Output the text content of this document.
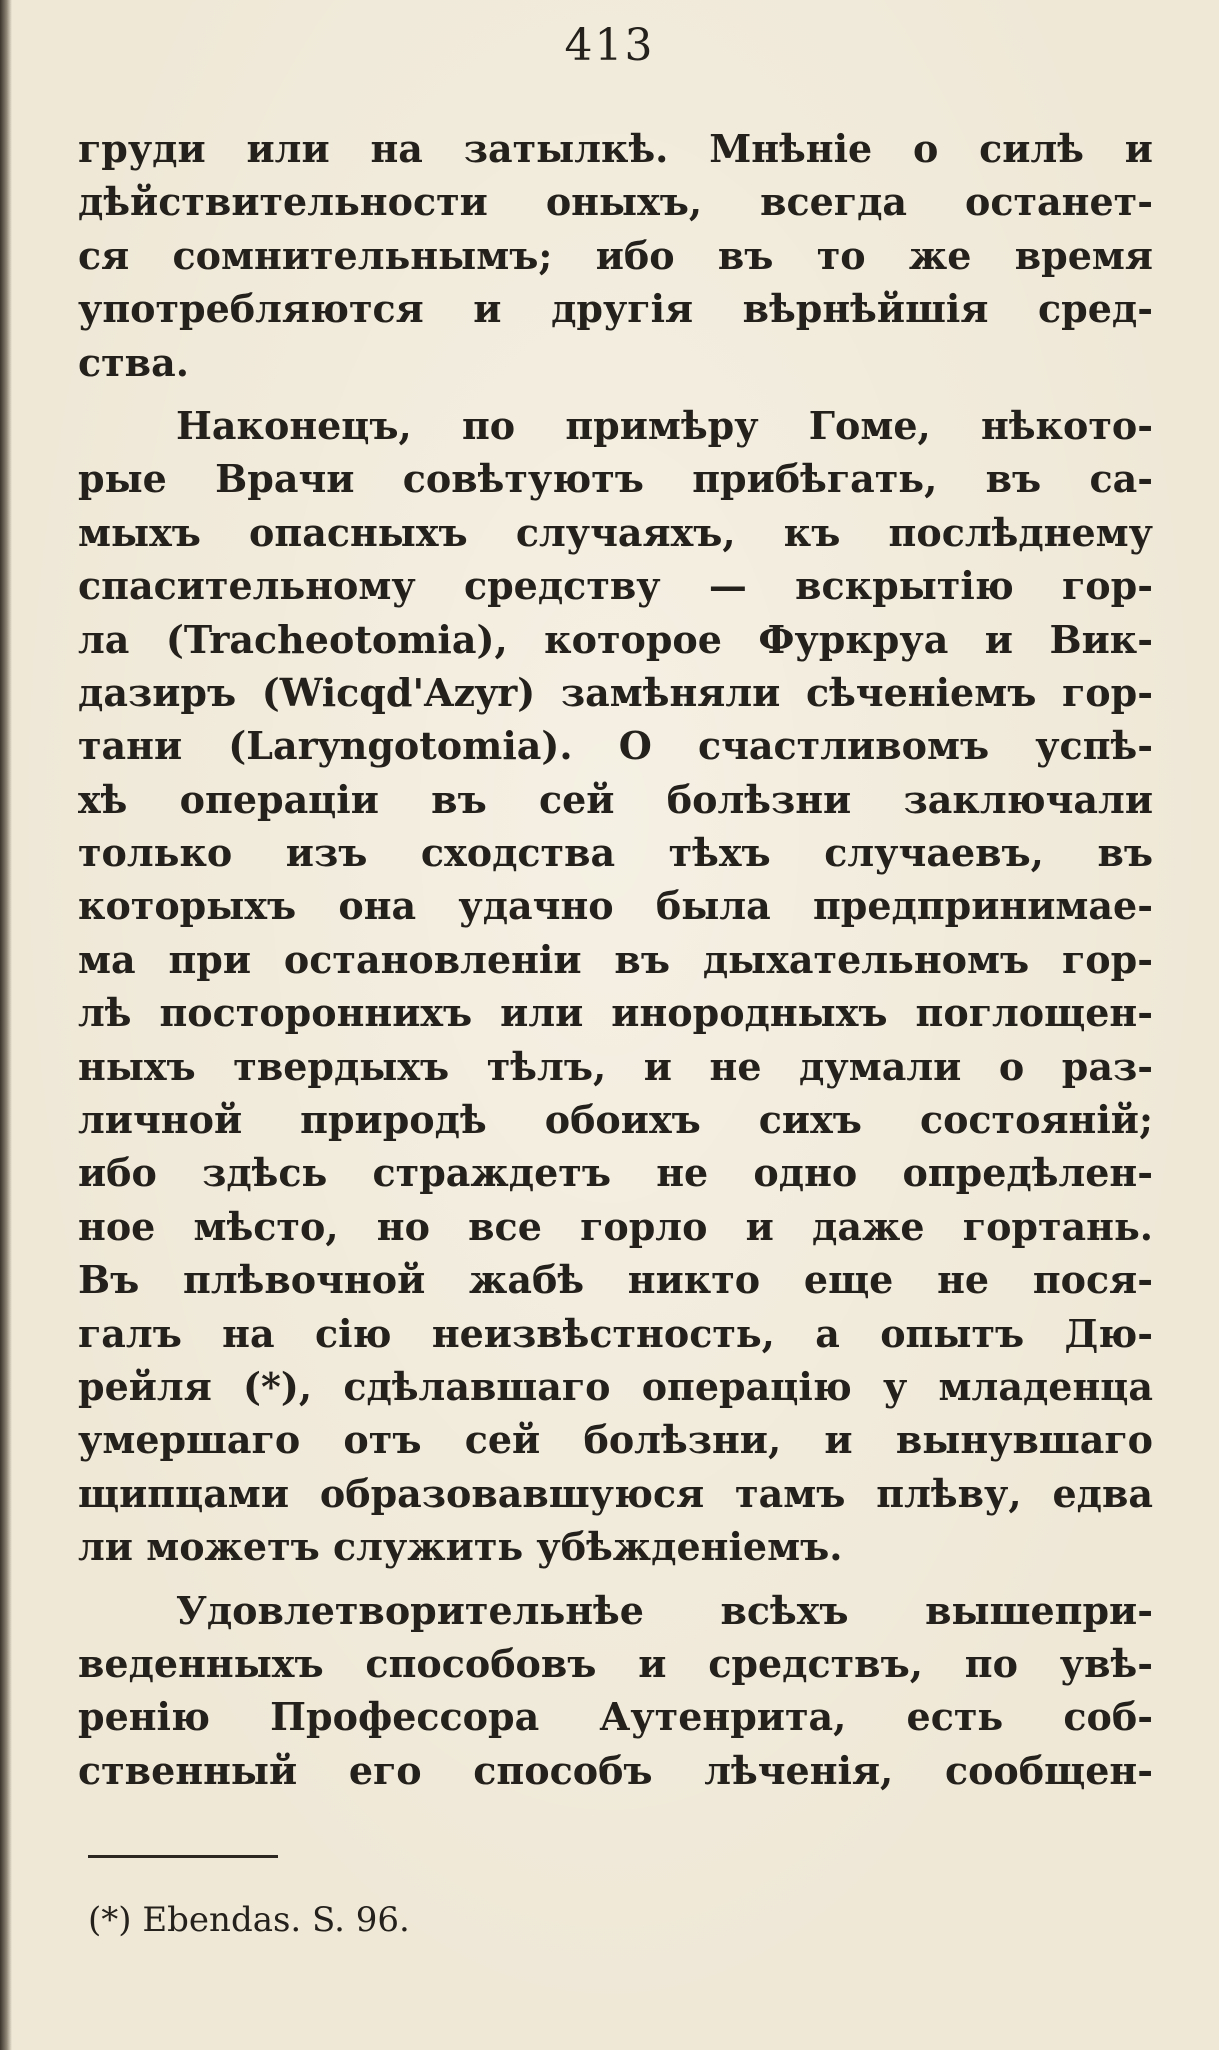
413
груди или на затылкѣ. Мнѣніе о силѣ и
дѣйствительности оныхъ, всегда останет-
ся сомнительнымъ; ибо въ то же время
употребляются и другія вѣрнѣйшія сред-
ства.
Наконецъ, по примѣру Гоме, нѣкото-
рые Врачи совѣтуютъ прибѣгать, въ са-
мыхъ опасныхъ случаяхъ, къ послѣднему
спасительному средству — вскрытію гор-
ла (Tracheotomia), которое Фуркруа и Вик-
дазиръ (Wicqd'Azyr) замѣняли сѣченіемъ гор-
тани (Laryngotomia). О счастливомъ успѣ-
хѣ операціи въ сей болѣзни заключали
только изъ сходства тѣхъ случаевъ, въ
которыхъ она удачно была предпринимае-
ма при остановленіи въ дыхательномъ гор-
лѣ постороннихъ или инородныхъ поглощен-
ныхъ твердыхъ тѣлъ, и не думали о раз-
личной природѣ обоихъ сихъ состояній;
ибо здѣсь страждетъ не одно опредѣлен-
ное мѣсто, но все горло и даже гортань.
Въ плѣвочной жабѣ никто еще не пося-
галъ на сію неизвѣстность, а опытъ Дю-
рейля (*), сдѣлавшаго операцію у младенца
умершаго отъ сей болѣзни, и вынувшаго
щипцами образовавшуюся тамъ плѣву, едва
ли можетъ служить убѣжденіемъ.
Удовлетворительнѣе всѣхъ вышепри-
веденныхъ способовъ и средствъ, по увѣ-
ренію Профессора Аутенрита, есть соб-
ственный его способъ лѣченія, сообщен-
(*) Ebendas. S. 96.
